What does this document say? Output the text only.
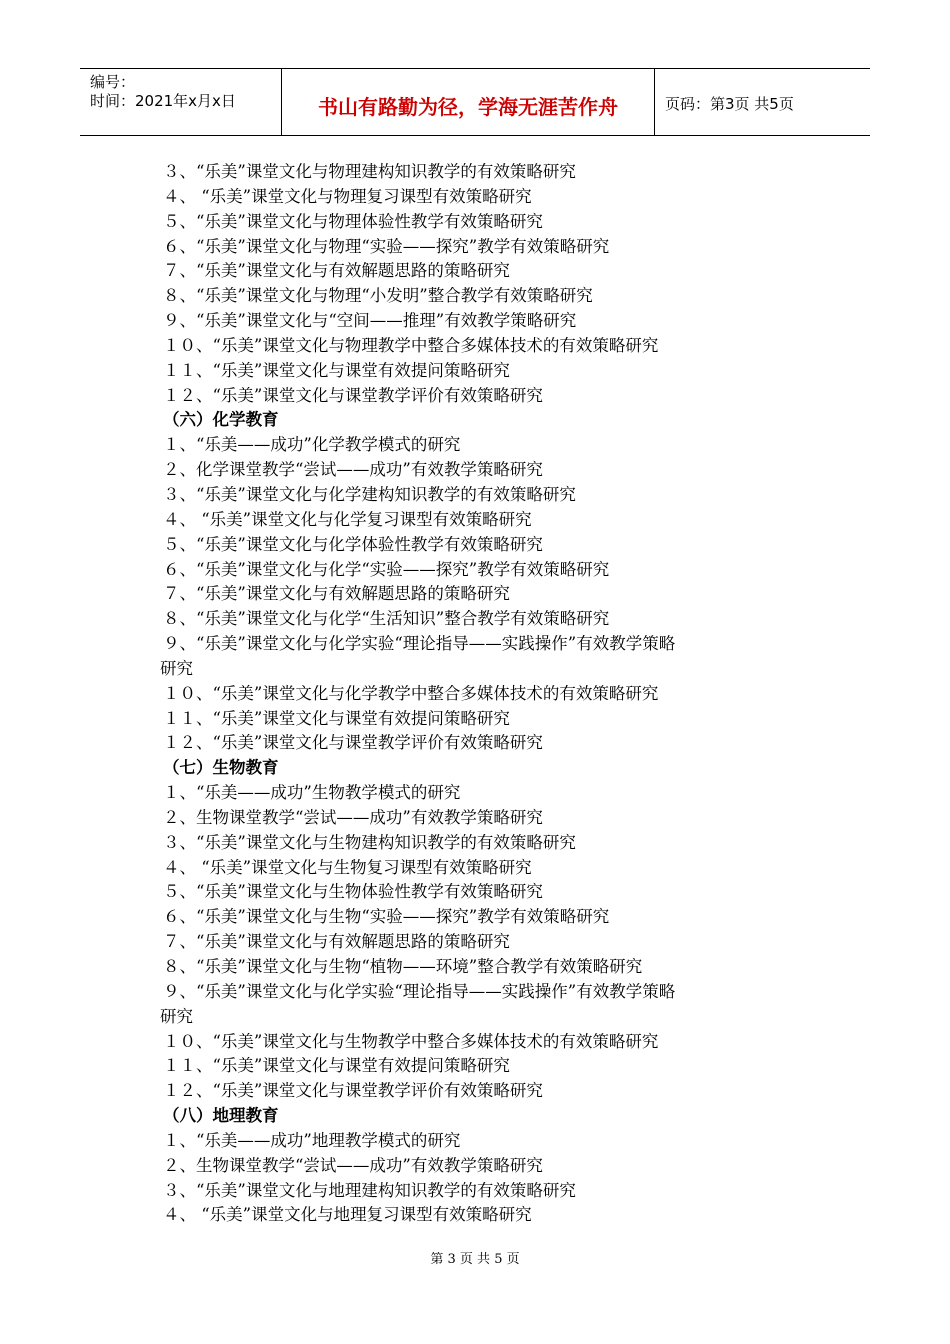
编号：
时间：2021年x月x日	书山有路勤为径，学海无涯苦作舟	页码：第3页 共5页
３、“乐美”课堂文化与物理建构知识教学的有效策略研究
４、 “乐美”课堂文化与物理复习课型有效策略研究
５、“乐美”课堂文化与物理体验性教学有效策略研究
６、“乐美”课堂文化与物理“实验——探究”教学有效策略研究
７、“乐美”课堂文化与有效解题思路的策略研究
８、“乐美”课堂文化与物理“小发明”整合教学有效策略研究
９、“乐美”课堂文化与“空间——推理”有效教学策略研究
１０、“乐美”课堂文化与物理教学中整合多媒体技术的有效策略研究
１１、“乐美”课堂文化与课堂有效提问策略研究
１２、“乐美”课堂文化与课堂教学评价有效策略研究
（六）化学教育
１、“乐美——成功”化学教学模式的研究
２、化学课堂教学“尝试——成功”有效教学策略研究
３、“乐美”课堂文化与化学建构知识教学的有效策略研究
４、 “乐美”课堂文化与化学复习课型有效策略研究
５、“乐美”课堂文化与化学体验性教学有效策略研究
６、“乐美”课堂文化与化学“实验——探究”教学有效策略研究
７、“乐美”课堂文化与有效解题思路的策略研究
８、“乐美”课堂文化与化学“生活知识”整合教学有效策略研究
９、“乐美”课堂文化与化学实验“理论指导——实践操作”有效教学策略
研究
１０、“乐美”课堂文化与化学教学中整合多媒体技术的有效策略研究
１１、“乐美”课堂文化与课堂有效提问策略研究
１２、“乐美”课堂文化与课堂教学评价有效策略研究
（七）生物教育
１、“乐美——成功”生物教学模式的研究
２、生物课堂教学“尝试——成功”有效教学策略研究
３、“乐美”课堂文化与生物建构知识教学的有效策略研究
４、 “乐美”课堂文化与生物复习课型有效策略研究
５、“乐美”课堂文化与生物体验性教学有效策略研究
６、“乐美”课堂文化与生物“实验——探究”教学有效策略研究
７、“乐美”课堂文化与有效解题思路的策略研究
８、“乐美”课堂文化与生物“植物——环境”整合教学有效策略研究
９、“乐美”课堂文化与化学实验“理论指导——实践操作”有效教学策略
研究
１０、“乐美”课堂文化与生物教学中整合多媒体技术的有效策略研究
１１、“乐美”课堂文化与课堂有效提问策略研究
１２、“乐美”课堂文化与课堂教学评价有效策略研究
（八）地理教育
１、“乐美——成功”地理教学模式的研究
２、生物课堂教学“尝试——成功”有效教学策略研究
３、“乐美”课堂文化与地理建构知识教学的有效策略研究
４、 “乐美”课堂文化与地理复习课型有效策略研究
第 3 页 共 5 页
